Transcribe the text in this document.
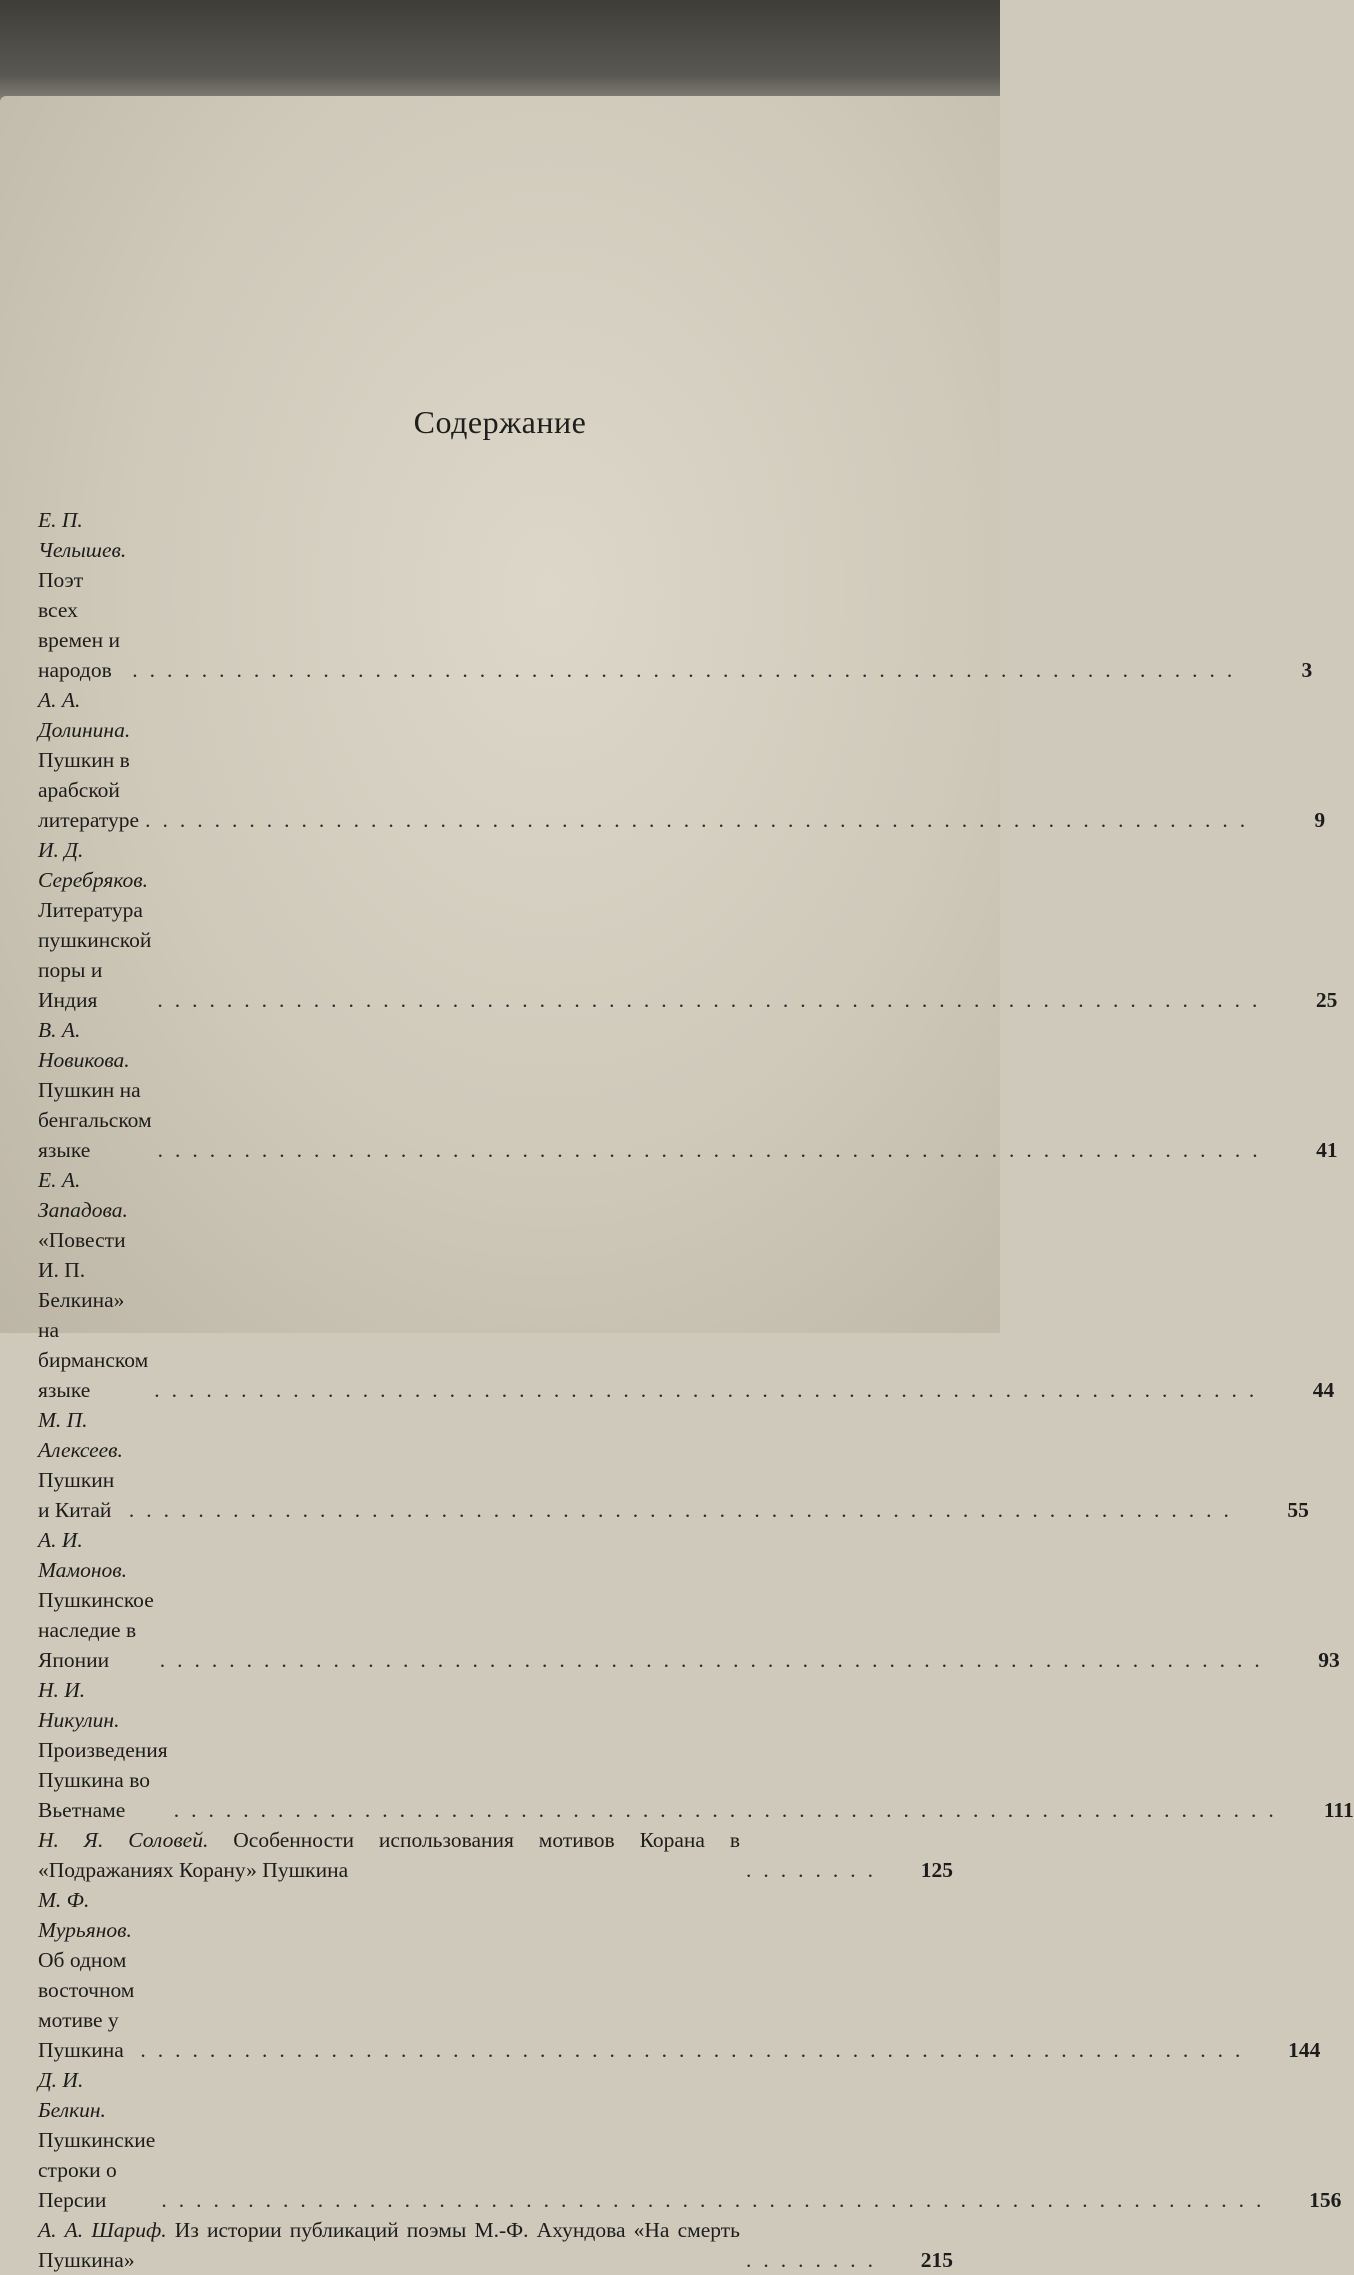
Содержание
Е. П. Челышев. Поэт всех времен и народов ................................................................	3
А. А. Долинина. Пушкин в арабской литературе ................................................................	9
И. Д. Серебряков. Литература пушкинской поры и Индия	................................................................	25
В. А. Новикова. Пушкин на бенгальском языке	................................................................	41
Е. А. Западова. «Повести И. П. Белкина» на бирманском языке	................................................................	44
М. П. Алексеев. Пушкин и Китай ................................................................	55
А. И. Мамонов. Пушкинское наследие в Японии	................................................................	93
Н. И. Никулин. Произведения Пушкина во Вьетнаме	................................................................	111
Н. Я. Соловей. Особенности использования мотивов Корана в «Подражаниях Корану» Пушкина	........	125
М. Ф. Мурьянов. Об одном восточном мотиве у Пушкина ................................................................	144
Д. И. Белкин. Пушкинские строки о Персии	................................................................	156
А. А. Шариф. Из истории публикаций поэмы М.-Ф. Ахундова «На смерть Пушкина»	........	215
